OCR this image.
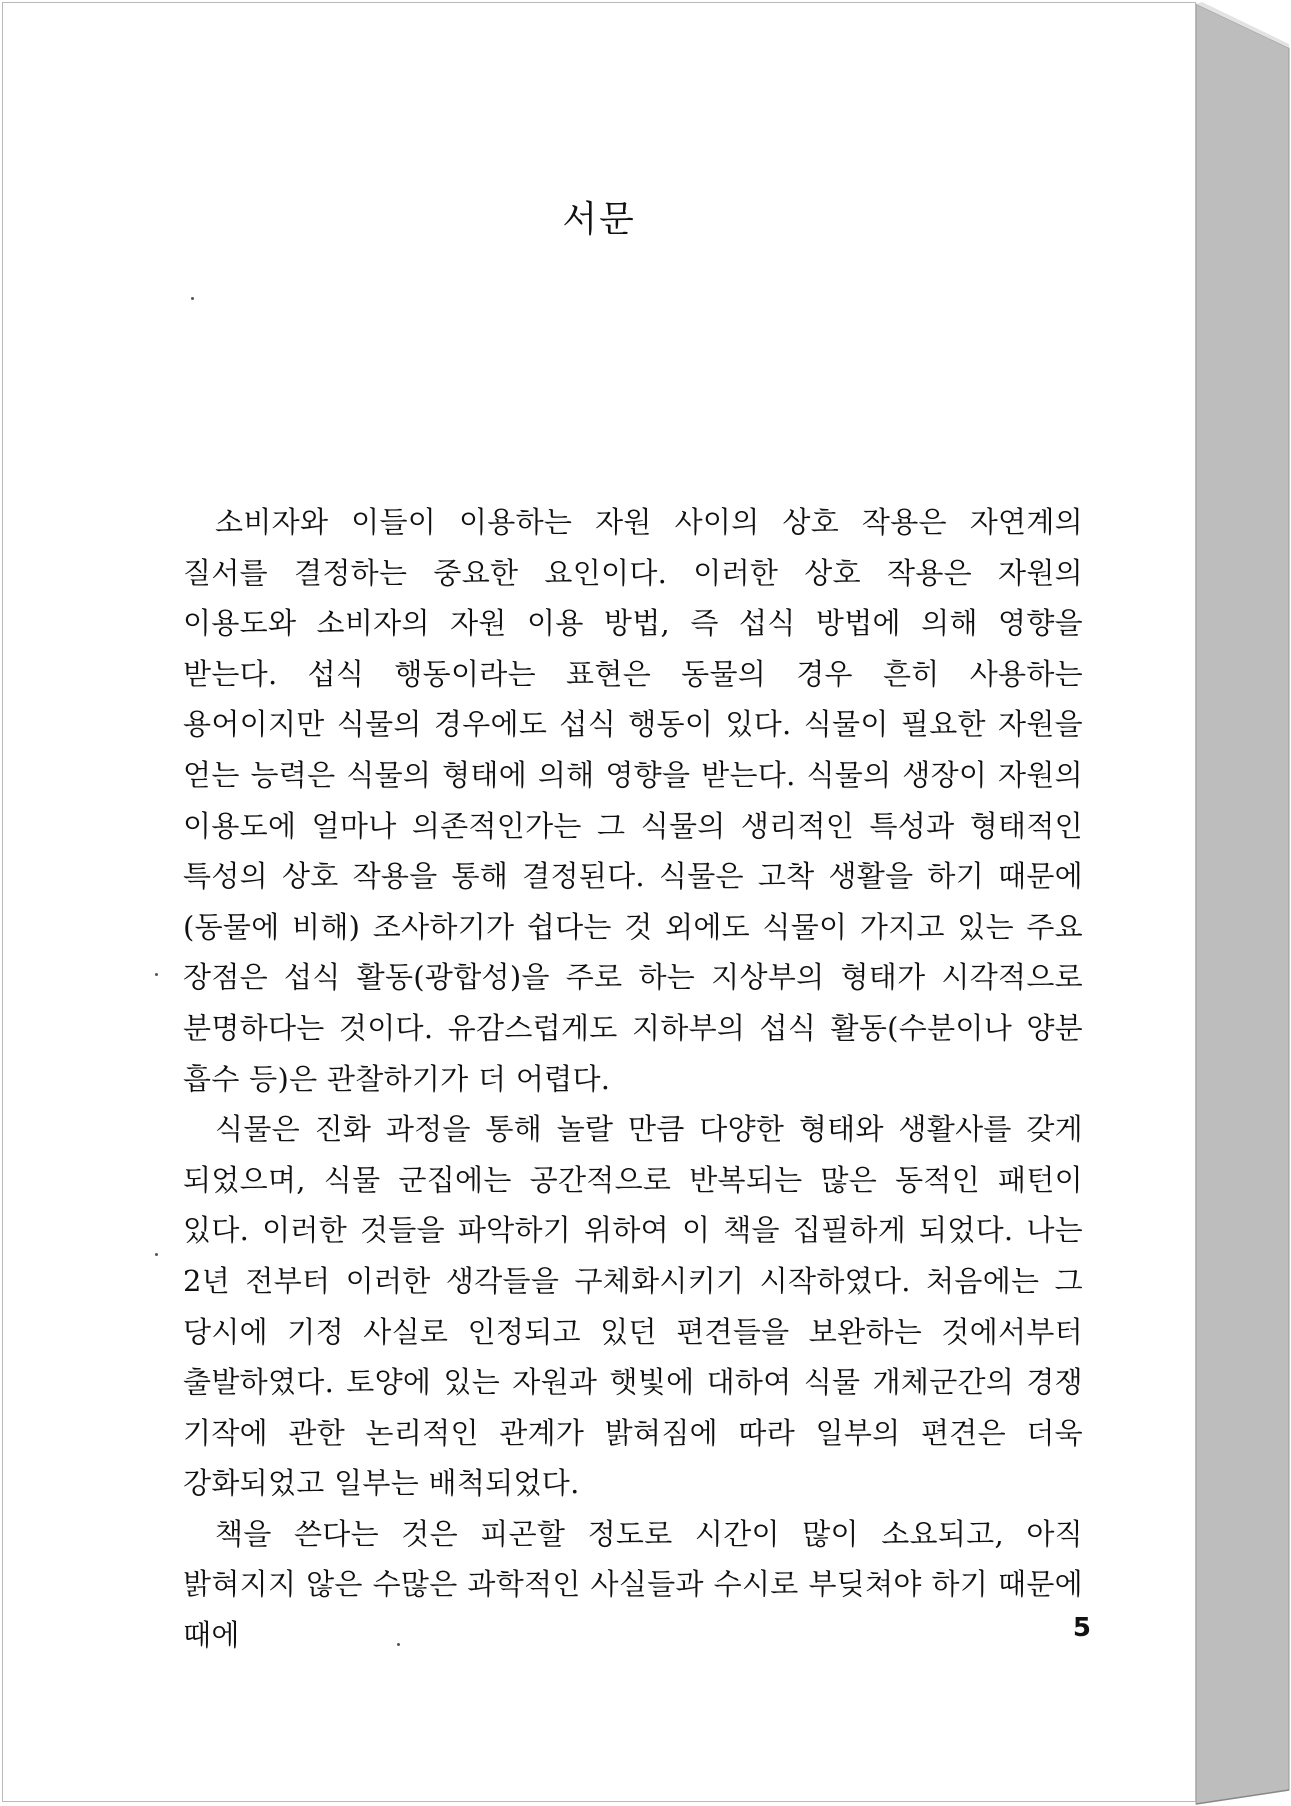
서문

소비자와 이들이 이용하는 자원 사이의 상호 작용은 자연계의 질서를 결정하는 중요한 요인이다. 이러한 상호 작용은 자원의 이용도와 소비자의 자원 이용 방법, 즉 섭식 방법에 의해 영향을 받는다. 섭식 행동이라는 표현은 동물의 경우 흔히 사용하는 용어이지만 식물의 경우에도 섭식 행동이 있다. 식물이 필요한 자원을 얻는 능력은 식물의 형태에 의해 영향을 받는다. 식물의 생장이 자원의 이용도에 얼마나 의존적인가는 그 식물의 생리적인 특성과 형태적인 특성의 상호 작용을 통해 결정된다. 식물은 고착 생활을 하기 때문에(동물에 비해) 조사하기가 쉽다는 것 외에도 식물이 가지고 있는 주요 장점은 섭식 활동(광합성)을 주로 하는 지상부의 형태가 시각적으로 분명하다는 것이다. 유감스럽게도 지하부의 섭식 활동(수분이나 양분 흡수 등)은 관찰하기가 더 어렵다.

식물은 진화 과정을 통해 놀랄 만큼 다양한 형태와 생활사를 갖게 되었으며, 식물 군집에는 공간적으로 반복되는 많은 동적인 패턴이 있다. 이러한 것들을 파악하기 위하여 이 책을 집필하게 되었다. 나는 2년 전부터 이러한 생각들을 구체화시키기 시작하였다. 처음에는 그 당시에 기정 사실로 인정되고 있던 편견들을 보완하는 것에서부터 출발하였다. 토양에 있는 자원과 햇빛에 대하여 식물 개체군간의 경쟁 기작에 관한 논리적인 관계가 밝혀짐에 따라 일부의 편견은 더욱 강화되었고 일부는 배척되었다.

책을 쓴다는 것은 피곤할 정도로 시간이 많이 소요되고, 아직 밝혀지지 않은 수많은 과학적인 사실들과 수시로 부딪쳐야 하기 때문에 때에	5
